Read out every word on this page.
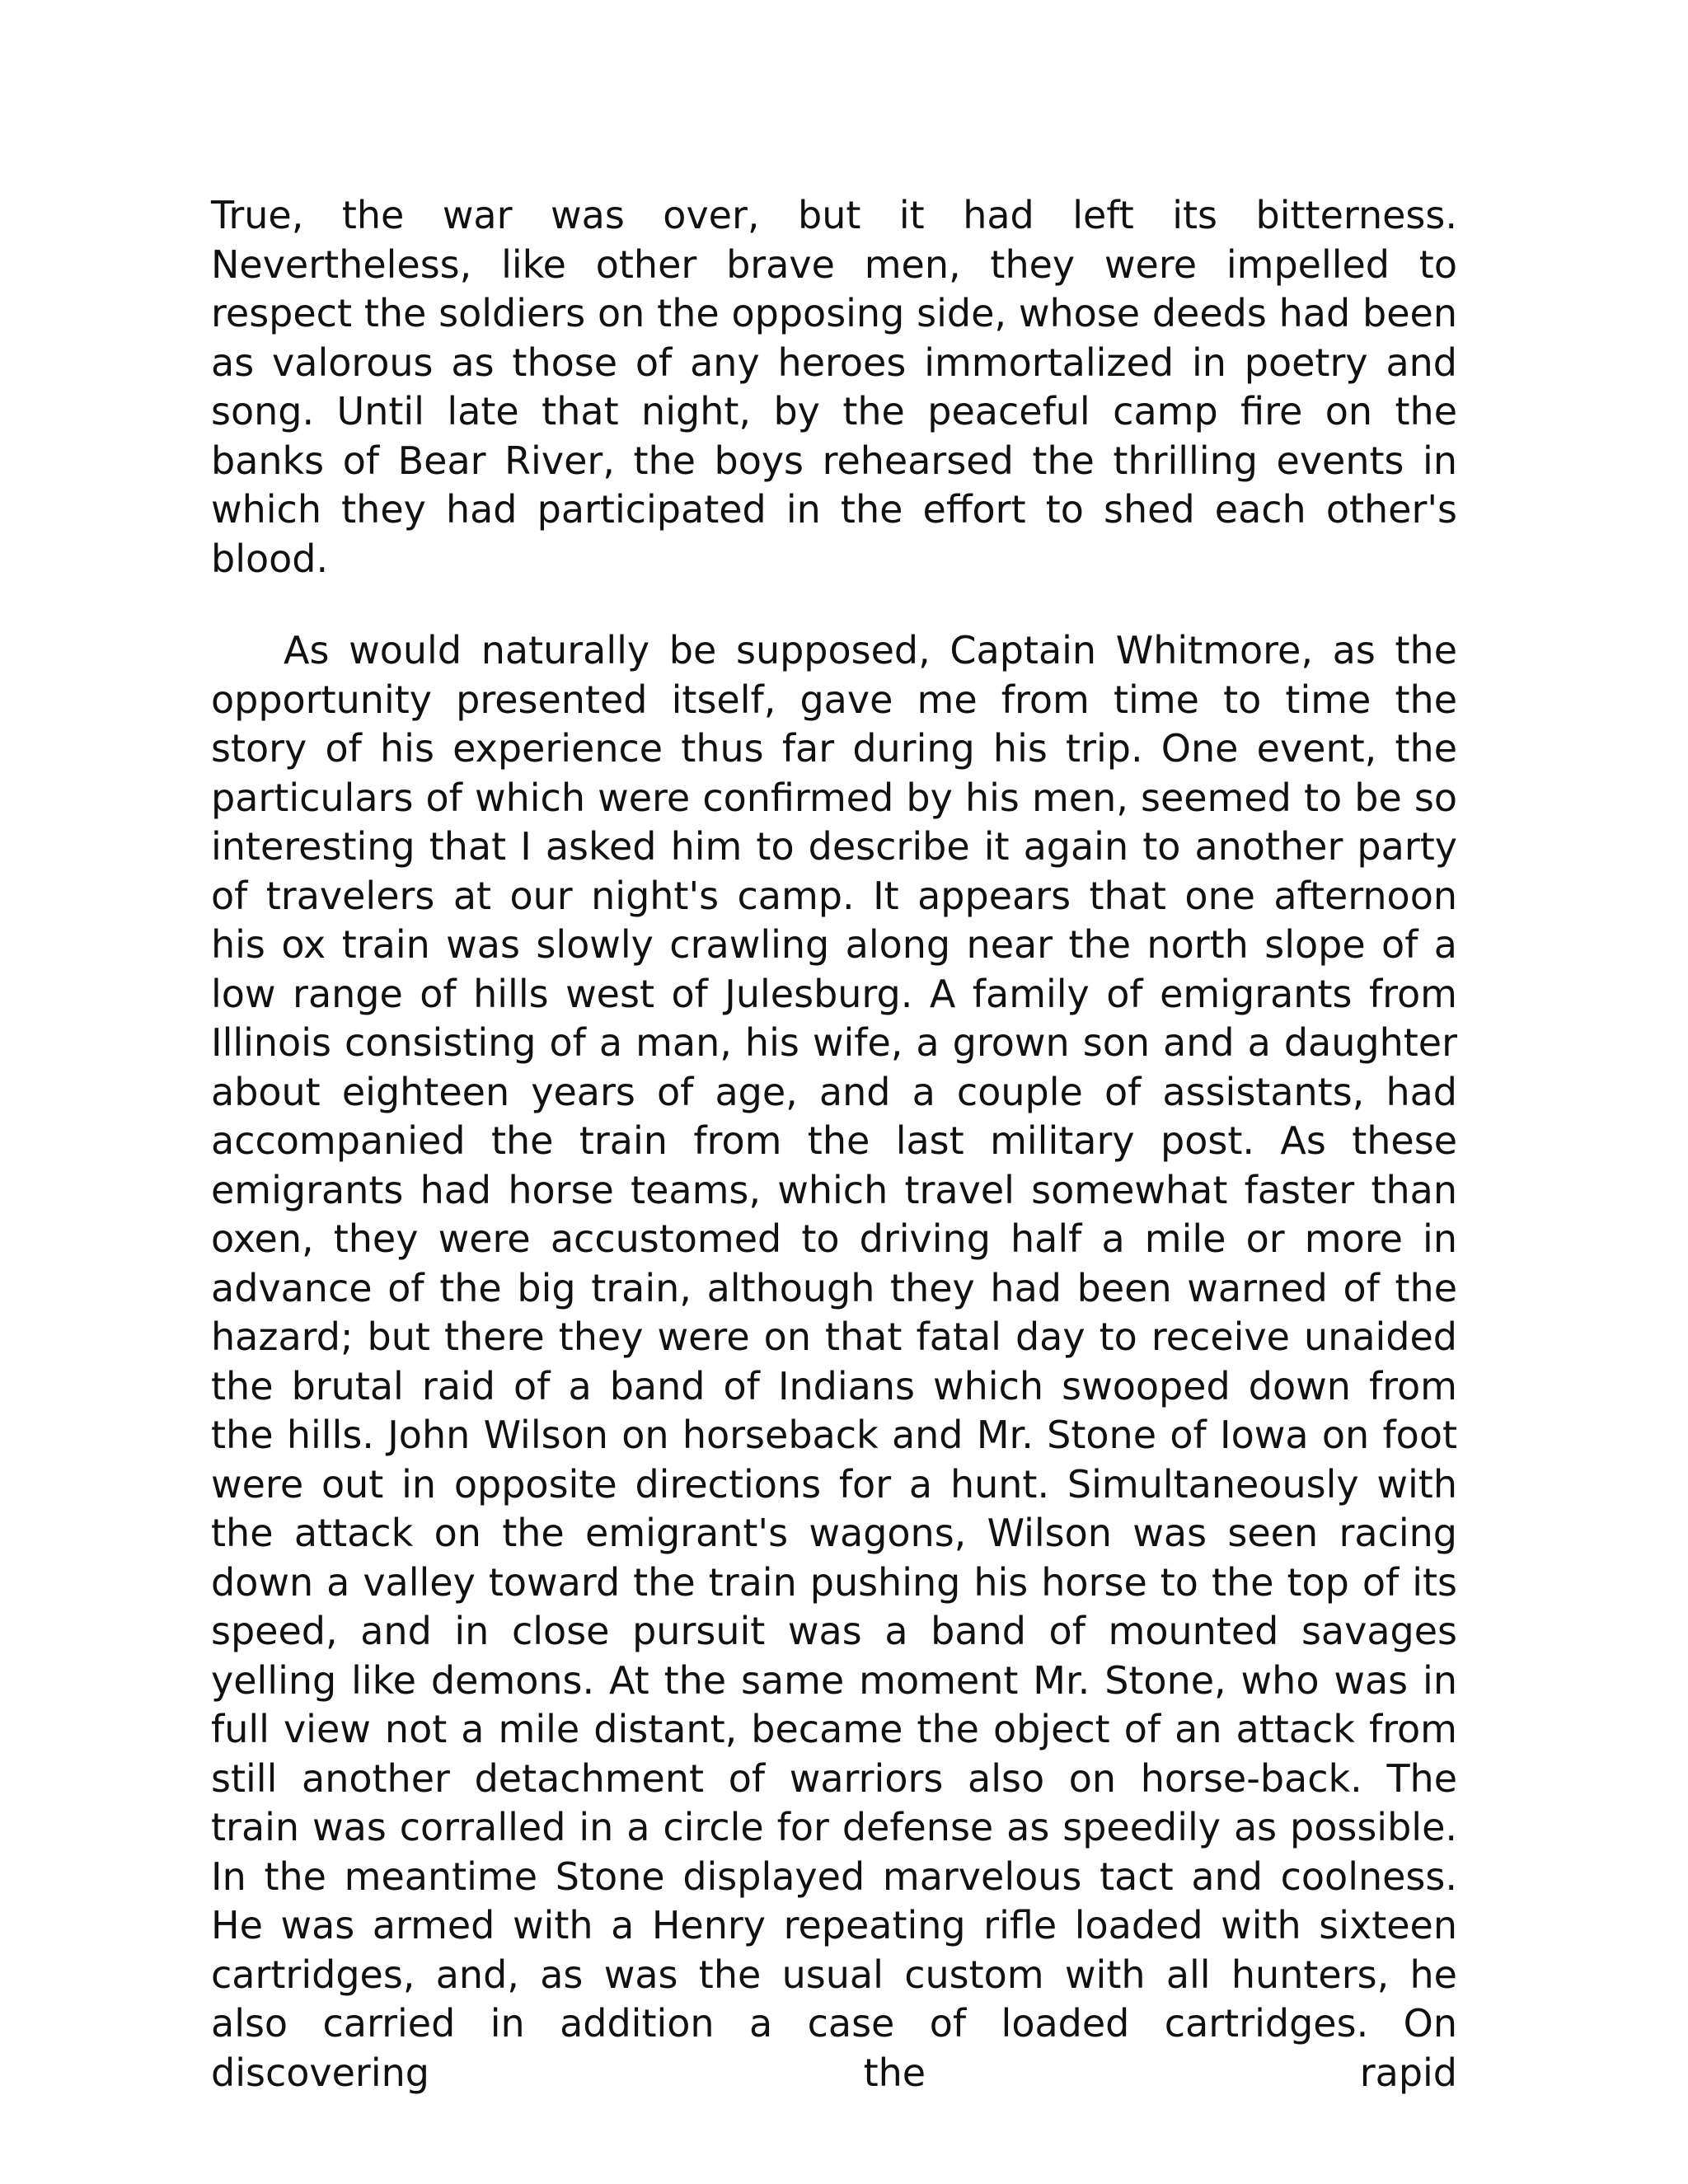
True, the war was over, but it had left its bitterness. Nevertheless, like other brave men, they were impelled to respect the soldiers on the opposing side, whose deeds had been as valorous as those of any heroes immortalized in poetry and song. Until late that night, by the peaceful camp fire on the banks of Bear River, the boys rehearsed the thrilling events in which they had participated in the effort to shed each other's blood.

As would naturally be supposed, Captain Whitmore, as the opportunity presented itself, gave me from time to time the story of his experience thus far during his trip. One event, the particulars of which were confirmed by his men, seemed to be so interesting that I asked him to describe it again to another party of travelers at our night's camp. It appears that one afternoon his ox train was slowly crawling along near the north slope of a low range of hills west of Julesburg. A family of emigrants from Illinois consisting of a man, his wife, a grown son and a daughter about eighteen years of age, and a couple of assistants, had accompanied the train from the last military post. As these emigrants had horse teams, which travel somewhat faster than oxen, they were accustomed to driving half a mile or more in advance of the big train, although they had been warned of the hazard; but there they were on that fatal day to receive unaided the brutal raid of a band of Indians which swooped down from the hills. John Wilson on horseback and Mr. Stone of Iowa on foot were out in opposite directions for a hunt. Simultaneously with the attack on the emigrant's wagons, Wilson was seen racing down a valley toward the train pushing his horse to the top of its speed, and in close pursuit was a band of mounted savages yelling like demons. At the same moment Mr. Stone, who was in full view not a mile distant, became the object of an attack from still another detachment of warriors also on horse-back. The train was corralled in a circle for defense as speedily as possible. In the meantime Stone displayed marvelous tact and coolness. He was armed with a Henry repeating rifle loaded with sixteen cartridges, and, as was the usual custom with all hunters, he also carried in addition a case of loaded cartridges. On discovering the rapid
